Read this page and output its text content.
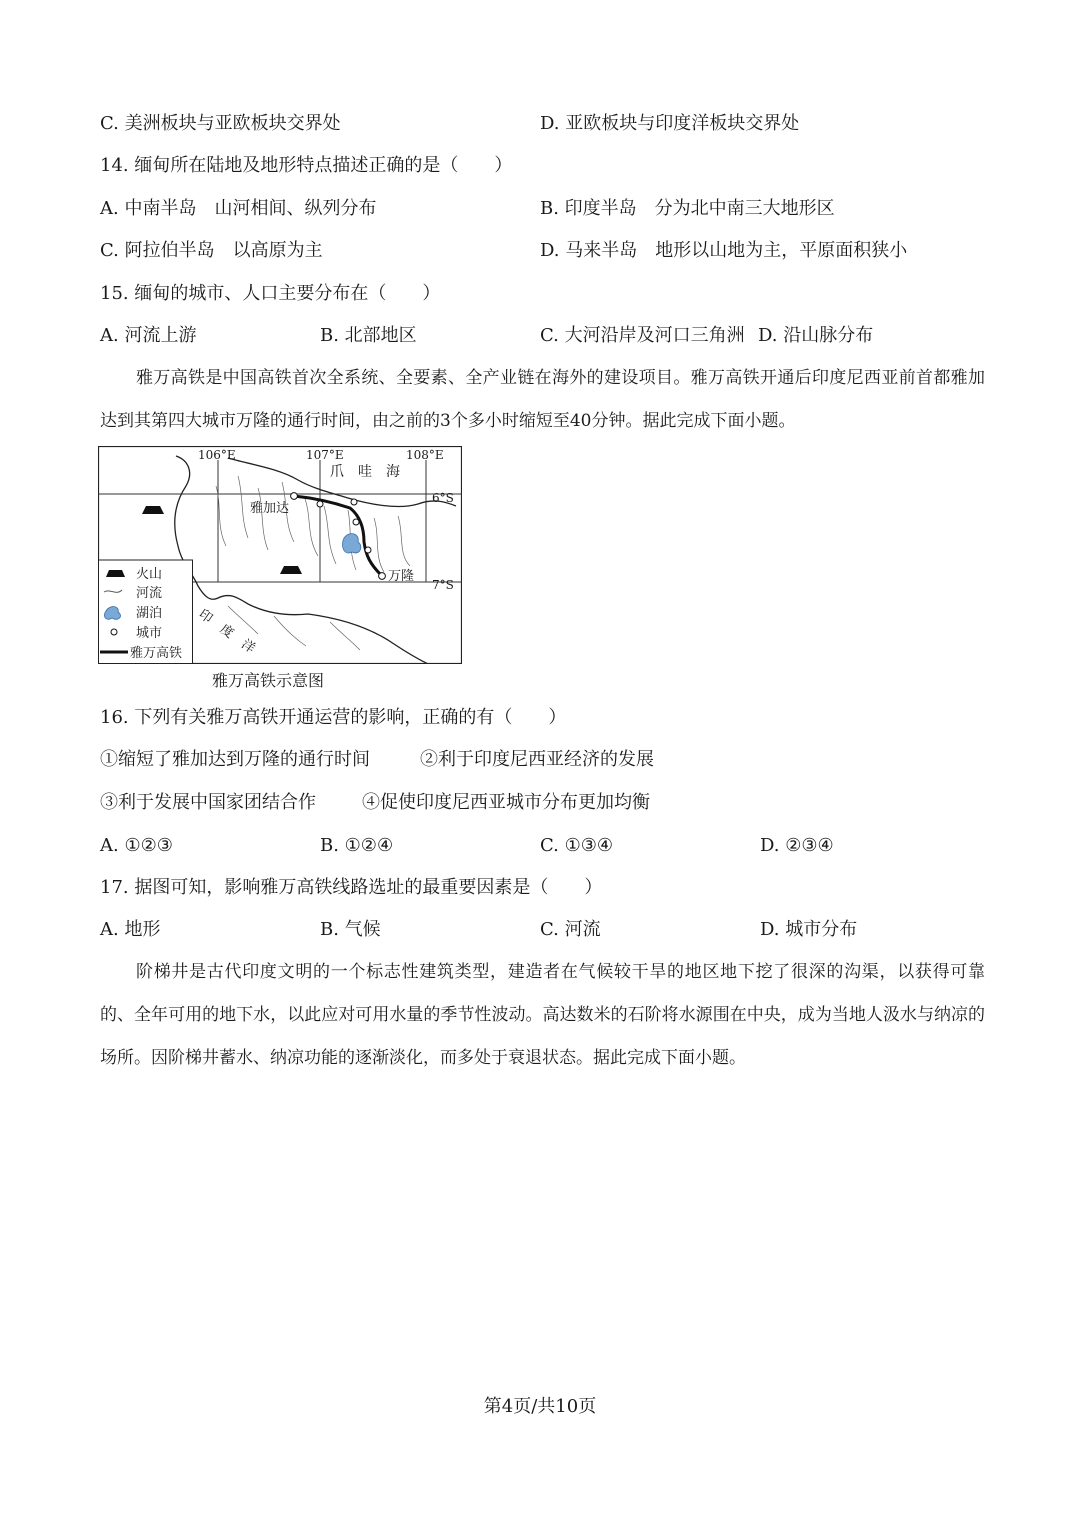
C. 美洲板块与亚欧板块交界处	D. 亚欧板块与印度洋板块交界处
14. 缅甸所在陆地及地形特点描述正确的是（　　）
A. 中南半岛　山河相间、纵列分布	B. 印度半岛　分为北中南三大地形区
C. 阿拉伯半岛　以高原为主	D. 马来半岛　地形以山地为主，平原面积狭小
15. 缅甸的城市、人口主要分布在（　　）
A. 河流上游	B. 北部地区	C. 大河沿岸及河口三角洲 D. 沿山脉分布
雅万高铁是中国高铁首次全系统、全要素、全产业链在海外的建设项目。雅万高铁开通后印度尼西亚前首都雅加达到其第四大城市万隆的通行时间，由之前的3个多小时缩短至40分钟。据此完成下面小题。
106°E	107°E	108°E
6°S
7°S
爪　哇　海
雅加达
万隆
印　度　洋
火山
河流
湖泊
城市
雅万高铁
雅万高铁示意图
16. 下列有关雅万高铁开通运营的影响，正确的有（　　）
①缩短了雅加达到万隆的通行时间	②利于印度尼西亚经济的发展
③利于发展中国家团结合作	④促使印度尼西亚城市分布更加均衡
A. ①②③	B. ①②④	C. ①③④	D. ②③④
17. 据图可知，影响雅万高铁线路选址的最重要因素是（　　）
A. 地形	B. 气候	C. 河流	D. 城市分布
阶梯井是古代印度文明的一个标志性建筑类型，建造者在气候较干旱的地区地下挖了很深的沟渠，以获得可靠的、全年可用的地下水，以此应对可用水量的季节性波动。高达数米的石阶将水源围在中央，成为当地人汲水与纳凉的场所。因阶梯井蓄水、纳凉功能的逐渐淡化，而多处于衰退状态。据此完成下面小题。
第4页/共10页
